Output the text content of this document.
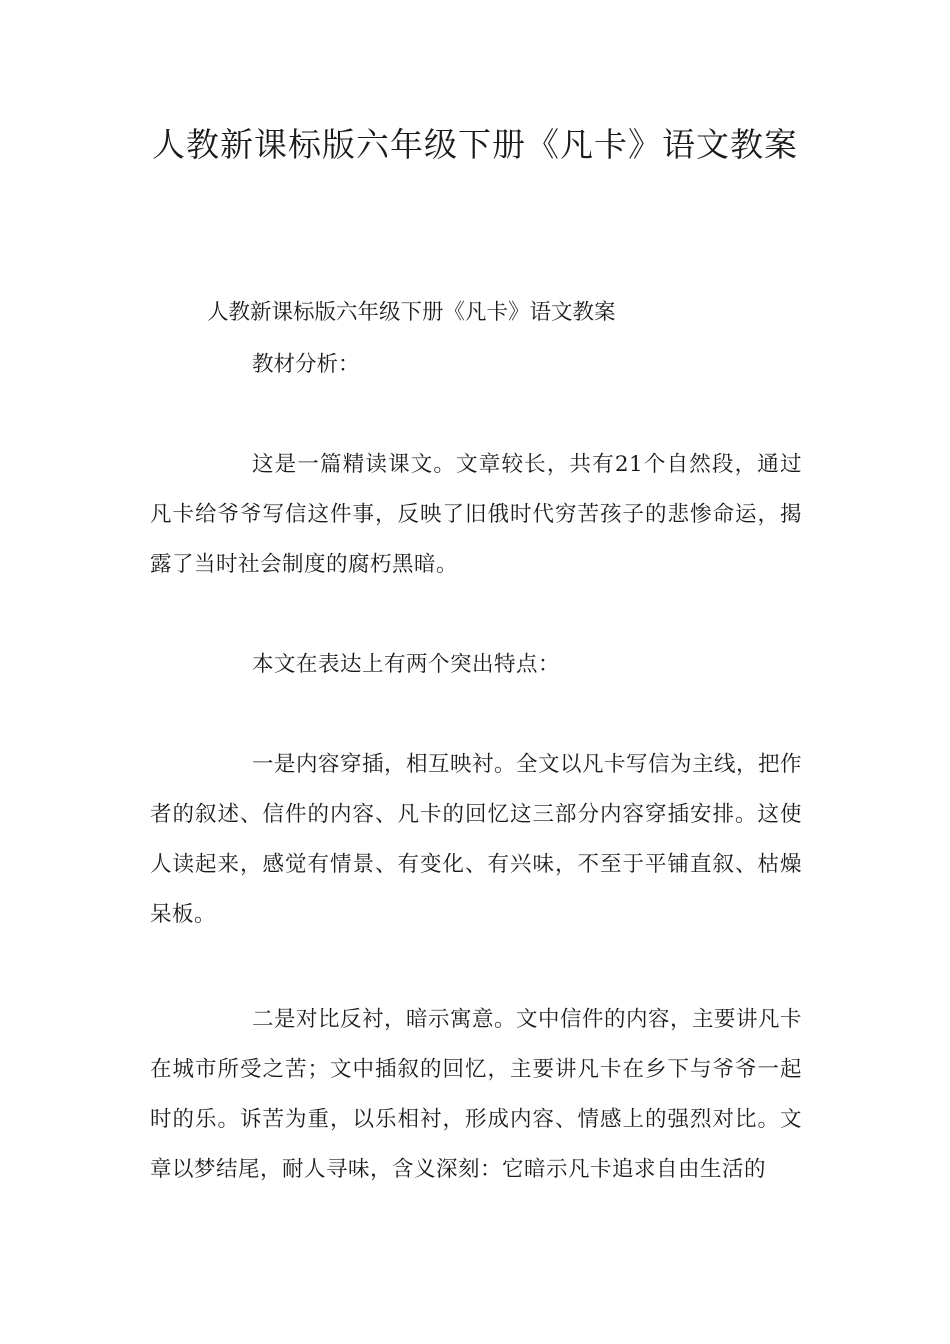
人教新课标版六年级下册《凡卡》语文教案

人教新课标版六年级下册《凡卡》语文教案

教材分析：

这是一篇精读课文。文章较长，共有21个自然段，通过凡卡给爷爷写信这件事，反映了旧俄时代穷苦孩子的悲惨命运，揭露了当时社会制度的腐朽黑暗。

本文在表达上有两个突出特点：

一是内容穿插，相互映衬。全文以凡卡写信为主线，把作者的叙述、信件的内容、凡卡的回忆这三部分内容穿插安排。这使人读起来，感觉有情景、有变化、有兴味，不至于平铺直叙、枯燥呆板。

二是对比反衬，暗示寓意。文中信件的内容，主要讲凡卡在城市所受之苦；文中插叙的回忆，主要讲凡卡在乡下与爷爷一起时的乐。诉苦为重，以乐相衬，形成内容、情感上的强烈对比。文章以梦结尾，耐人寻味，含义深刻：它暗示凡卡追求自由生活的
